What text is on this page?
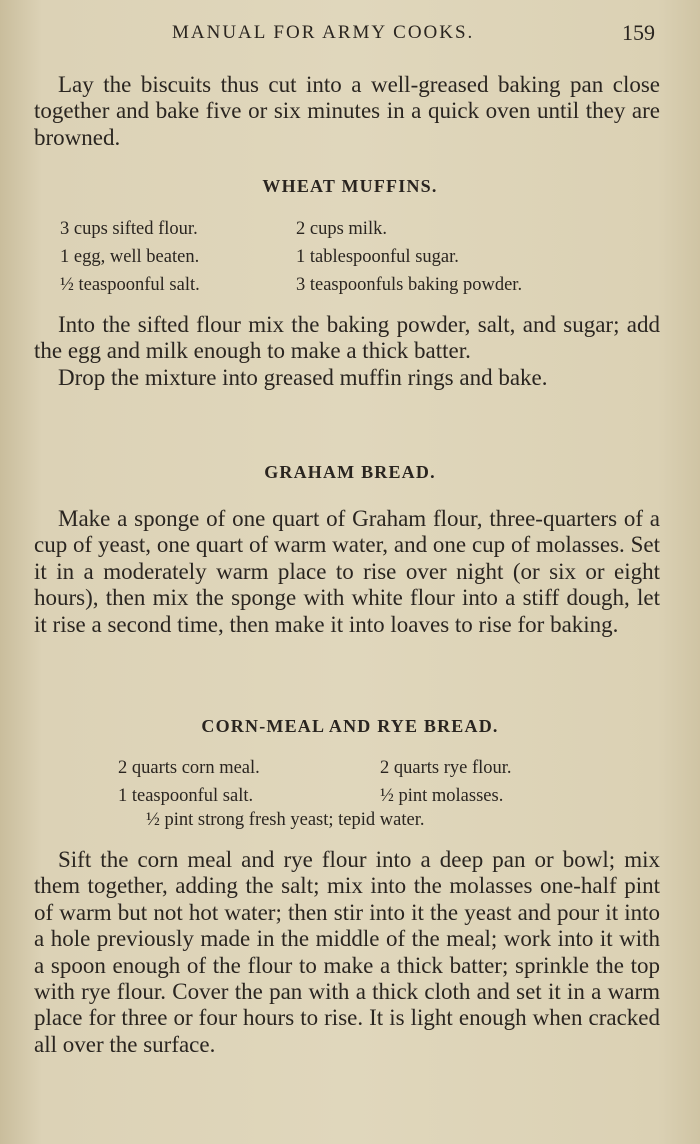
MANUAL FOR ARMY COOKS.	159

Lay the biscuits thus cut into a well-greased baking pan close together and bake five or six minutes in a quick oven until they are browned.

WHEAT MUFFINS.
3 cups sifted flour.
1 egg, well beaten.
½ teaspoonful salt.
2 cups milk.
1 tablespoonful sugar.
3 teaspoonfuls baking powder.

Into the sifted flour mix the baking powder, salt, and sugar; add the egg and milk enough to make a thick batter.

Drop the mixture into greased muffin rings and bake.

GRAHAM BREAD.

Make a sponge of one quart of Graham flour, three-quarters of a cup of yeast, one quart of warm water, and one cup of molasses. Set it in a moderately warm place to rise over night (or six or eight hours), then mix the sponge with white flour into a stiff dough, let it rise a second time, then make it into loaves to rise for baking.

CORN-MEAL AND RYE BREAD.
2 quarts corn meal.
1 teaspoonful salt.
2 quarts rye flour.
½ pint molasses.
½ pint strong fresh yeast; tepid water.

Sift the corn meal and rye flour into a deep pan or bowl; mix them together, adding the salt; mix into the molasses one-half pint of warm but not hot water; then stir into it the yeast and pour it into a hole previously made in the middle of the meal; work into it with a spoon enough of the flour to make a thick batter; sprinkle the top with rye flour. Cover the pan with a thick cloth and set it in a warm place for three or four hours to rise. It is light enough when cracked all over the surface.
